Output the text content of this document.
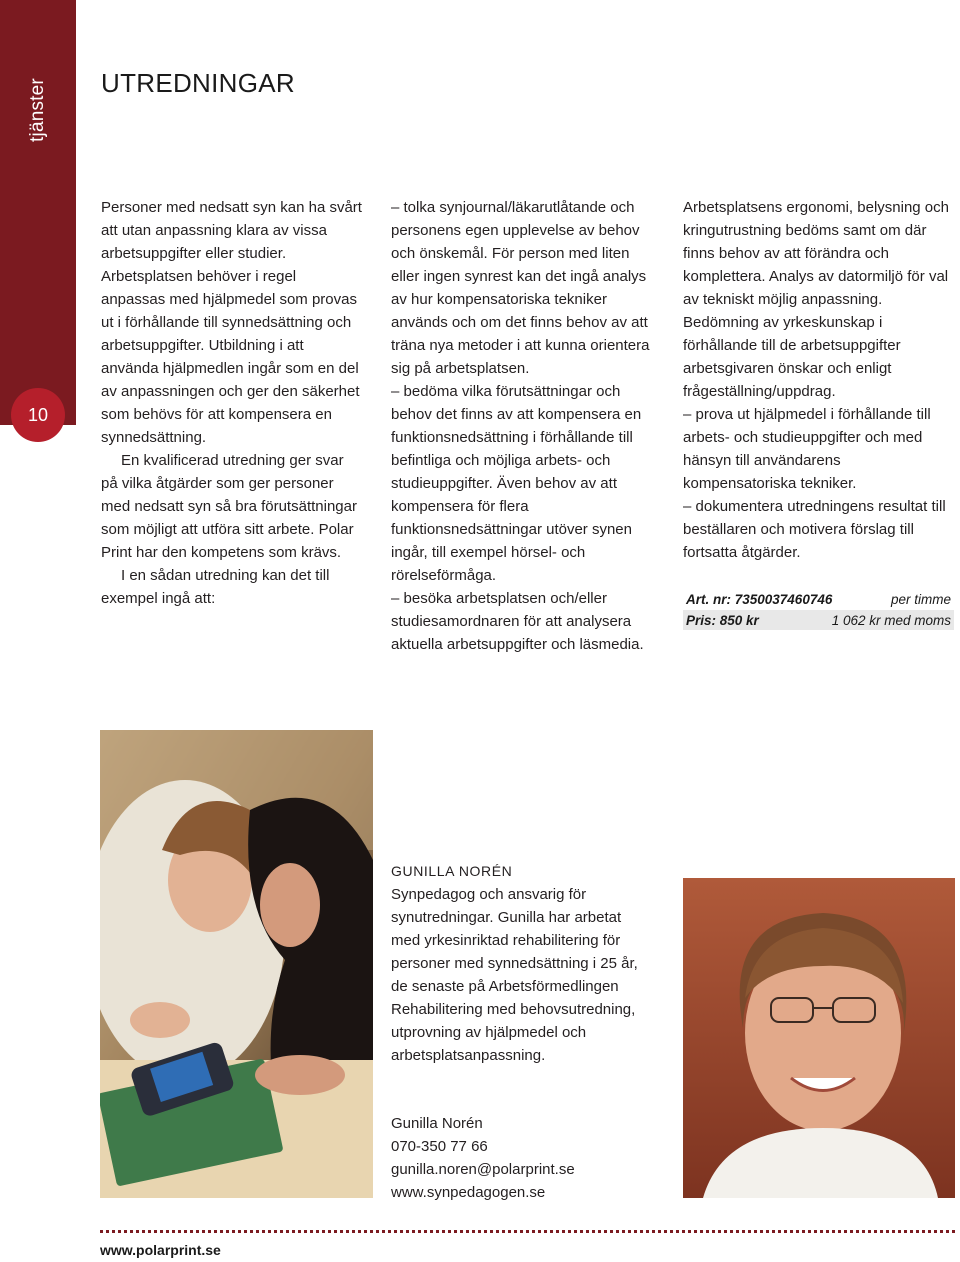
tjänster
10
UTREDNINGAR

Personer med nedsatt syn kan ha svårt att utan anpassning klara av vissa arbetsuppgifter eller studier. Arbetsplatsen behöver i regel anpassas med hjälpmedel som provas ut i förhållande till synnedsättning och arbetsuppgifter. Utbildning i att använda hjälpmedlen ingår som en del av anpassningen och ger den säkerhet som behövs för att kompensera en synnedsättning.

En kvalificerad utredning ger svar på vilka åtgärder som ger personer med nedsatt syn så bra förutsättningar som möjligt att utföra sitt arbete. Polar Print har den kompetens som krävs.

I en sådan utredning kan det till exempel ingå att:

– tolka synjournal/läkarutlåtande och personens egen upplevelse av behov och önskemål. För person med liten eller ingen synrest kan det ingå analys av hur kompensatoriska tekniker används och om det finns behov av att träna nya metoder i att kunna orientera sig på arbetsplatsen.

– bedöma vilka förutsättningar och behov det finns av att kompensera en funktionsnedsättning i förhållande till befintliga och möjliga arbets- och studieuppgifter. Även behov av att kompensera för flera funktionsnedsättningar utöver synen ingår, till exempel hörsel- och rörelseförmåga.

– besöka arbetsplatsen och/eller studiesamordnaren för att analysera aktuella arbetsuppgifter och läsmedia.

Arbetsplatsens ergonomi, belysning och kringutrustning bedöms samt om där finns behov av att förändra och komplettera. Analys av datormiljö för val av tekniskt möjlig anpassning. Bedömning av yrkeskunskap i förhållande till de arbetsuppgifter arbetsgivaren önskar och enligt frågeställning/uppdrag.

– prova ut hjälpmedel i förhållande till arbets- och studieuppgifter och med hänsyn till användarens kompensatoriska tekniker.

– dokumentera utredningens resultat till beställaren och motivera förslag till fortsatta åtgärder.

Art. nr: 7350037460746	per timme
Pris: 850 kr	1 062 kr med moms

GUNILLA NORÉN

Synpedagog och ansvarig för synutredningar. Gunilla har arbetat med yrkesinriktad rehabilitering för personer med synnedsättning i 25 år, de senaste på Arbetsförmedlingen Rehabilitering med behovsutredning, utprovning av hjälpmedel och arbetsplatsanpassning.

Gunilla Norén
070-350 77 66
gunilla.noren@polarprint.se
www.synpedagogen.se
www.polarprint.se
